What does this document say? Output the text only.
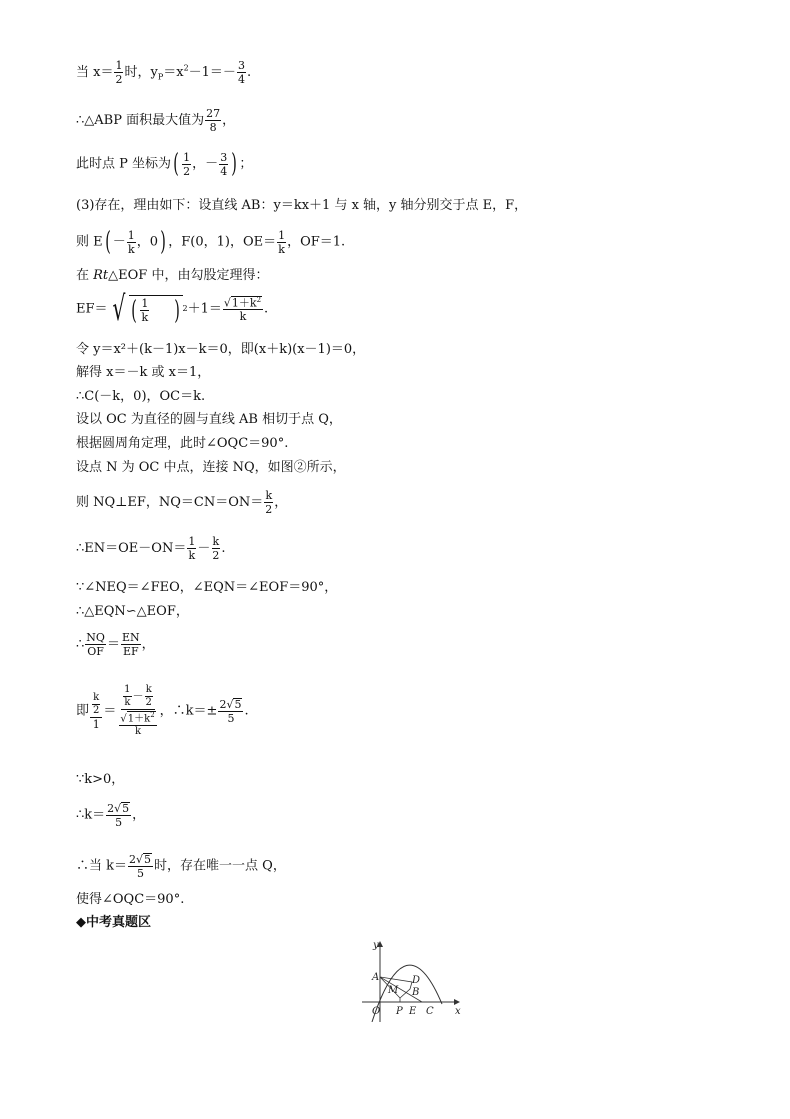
当 $x= \frac{1}{2}$ 时，$y_P=x^2-1=- \frac{3}{4}$ .
∴△ABP 面积最大值为 $\frac{27}{8}$ ，
此时点 P 坐标为( $\frac{1}{2}$ ，－ $\frac{3}{4}$ ) ；
(3)存在，理由如下：设直线 AB：y＝kx＋1 与 x 轴，y 轴分别交于点 E，F，
则 $E( - \frac{1}{k}$ ，0) ，F(0，1)，$OE= \frac{1}{k}$ ，OF＝1.
在 Rt△EOF 中，由勾股定理得：
EF＝ √ ( $\frac{1}{k}$ ) $2+1= \frac{√1+k^2}{k}$ .
令 y＝x²＋(k－1)x－k＝0，即(x＋k)(x－1)＝0，
解得 x＝－k 或 x＝1，
∴C(－k，0)，OC＝k.
设以 OC 为直径的圆与直线 AB 相切于点 Q，
根据圆周角定理，此时∠OQC＝90°.
设点 N 为 OC 中点，连接 NQ，如图②所示，
则 NQ⊥EF，$NQ=CN=ON= \frac{k}{2}$ ，
∴EN＝OE－ON＝ $\frac{1}{k} - \frac{k}{2}$ .
∵∠NEQ＝∠FEO，∠EQN＝∠EOF＝90°，
∴△EQN∽△EOF，
∴ $\frac{NQ}{OF} = \frac{EN}{EF}$ ，
即 $\frac{\frac{k}{2}}{1} = \frac{\frac{1}{k} - \frac{k}{2}}{\frac{√1+k^2}{k}}$ ，∴k＝± $\frac{2√5}{5}$ .
∵k>0，
∴k＝ $\frac{2√5}{5}$ ，
∴当 $k= \frac{2√5}{5}$ 时，存在唯一一点 Q，
使得∠OQC＝90°.
◆中考真题区
y
x
A	D
M B
O P E C
